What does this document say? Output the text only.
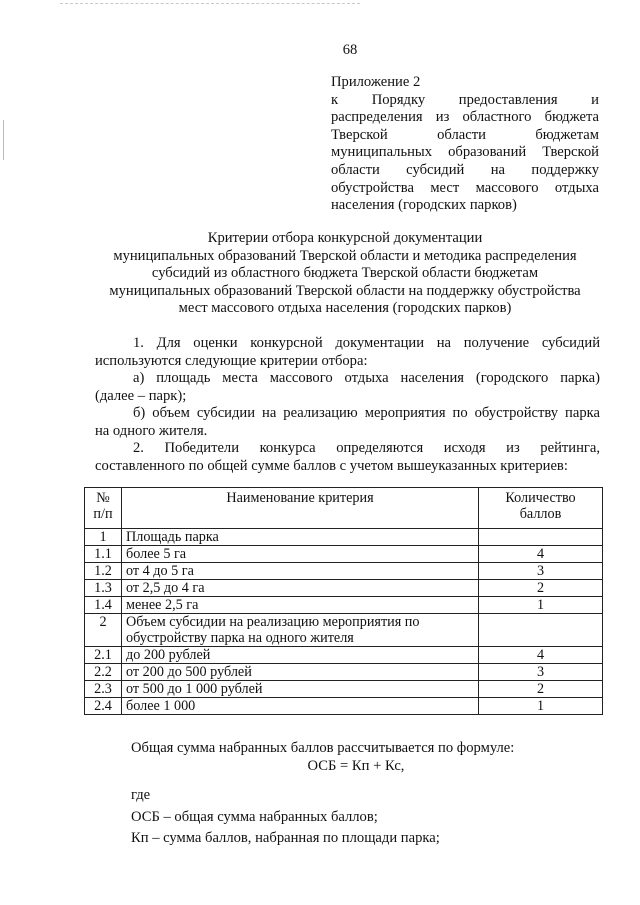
68
Приложение 2
к Порядку предоставления и
распределения из областного бюджета
Тверской области бюджетам
муниципальных образований Тверской
области субсидий на поддержку
обустройства мест массового отдыха
населения (городских парков)
Критерии отбора конкурсной документации
муниципальных образований Тверской области и методика распределения
субсидий из областного бюджета Тверской области бюджетам
муниципальных образований Тверской области на поддержку обустройства
мест массового отдыха населения (городских парков)
1. Для оценки конкурсной документации на получение субсидий
используются следующие критерии отбора:
а) площадь места массового отдыха населения (городского парка)
(далее – парк);
б) объем субсидии на реализацию мероприятия по обустройству парка
на одного жителя.
2. Победители конкурса определяются исходя из рейтинга,
составленного по общей сумме баллов с учетом вышеуказанных критериев:
№ п/п	Наименование критерия	Количество баллов
1	Площадь парка	
1.1	более 5 га	4
1.2	от 4 до 5 га	3
1.3	от 2,5 до 4 га	2
1.4	менее 2,5 га	1
2	Объем субсидии на реализацию мероприятия по обустройству парка на одного жителя	
2.1	до 200 рублей	4
2.2	от 200 до 500 рублей	3
2.3	от 500 до 1 000 рублей	2
2.4	более 1 000	1
Общая сумма набранных баллов рассчитывается по формуле:
ОСБ = Кп + Кс,
где
ОСБ – общая сумма набранных баллов;
Кп – сумма баллов, набранная по площади парка;
